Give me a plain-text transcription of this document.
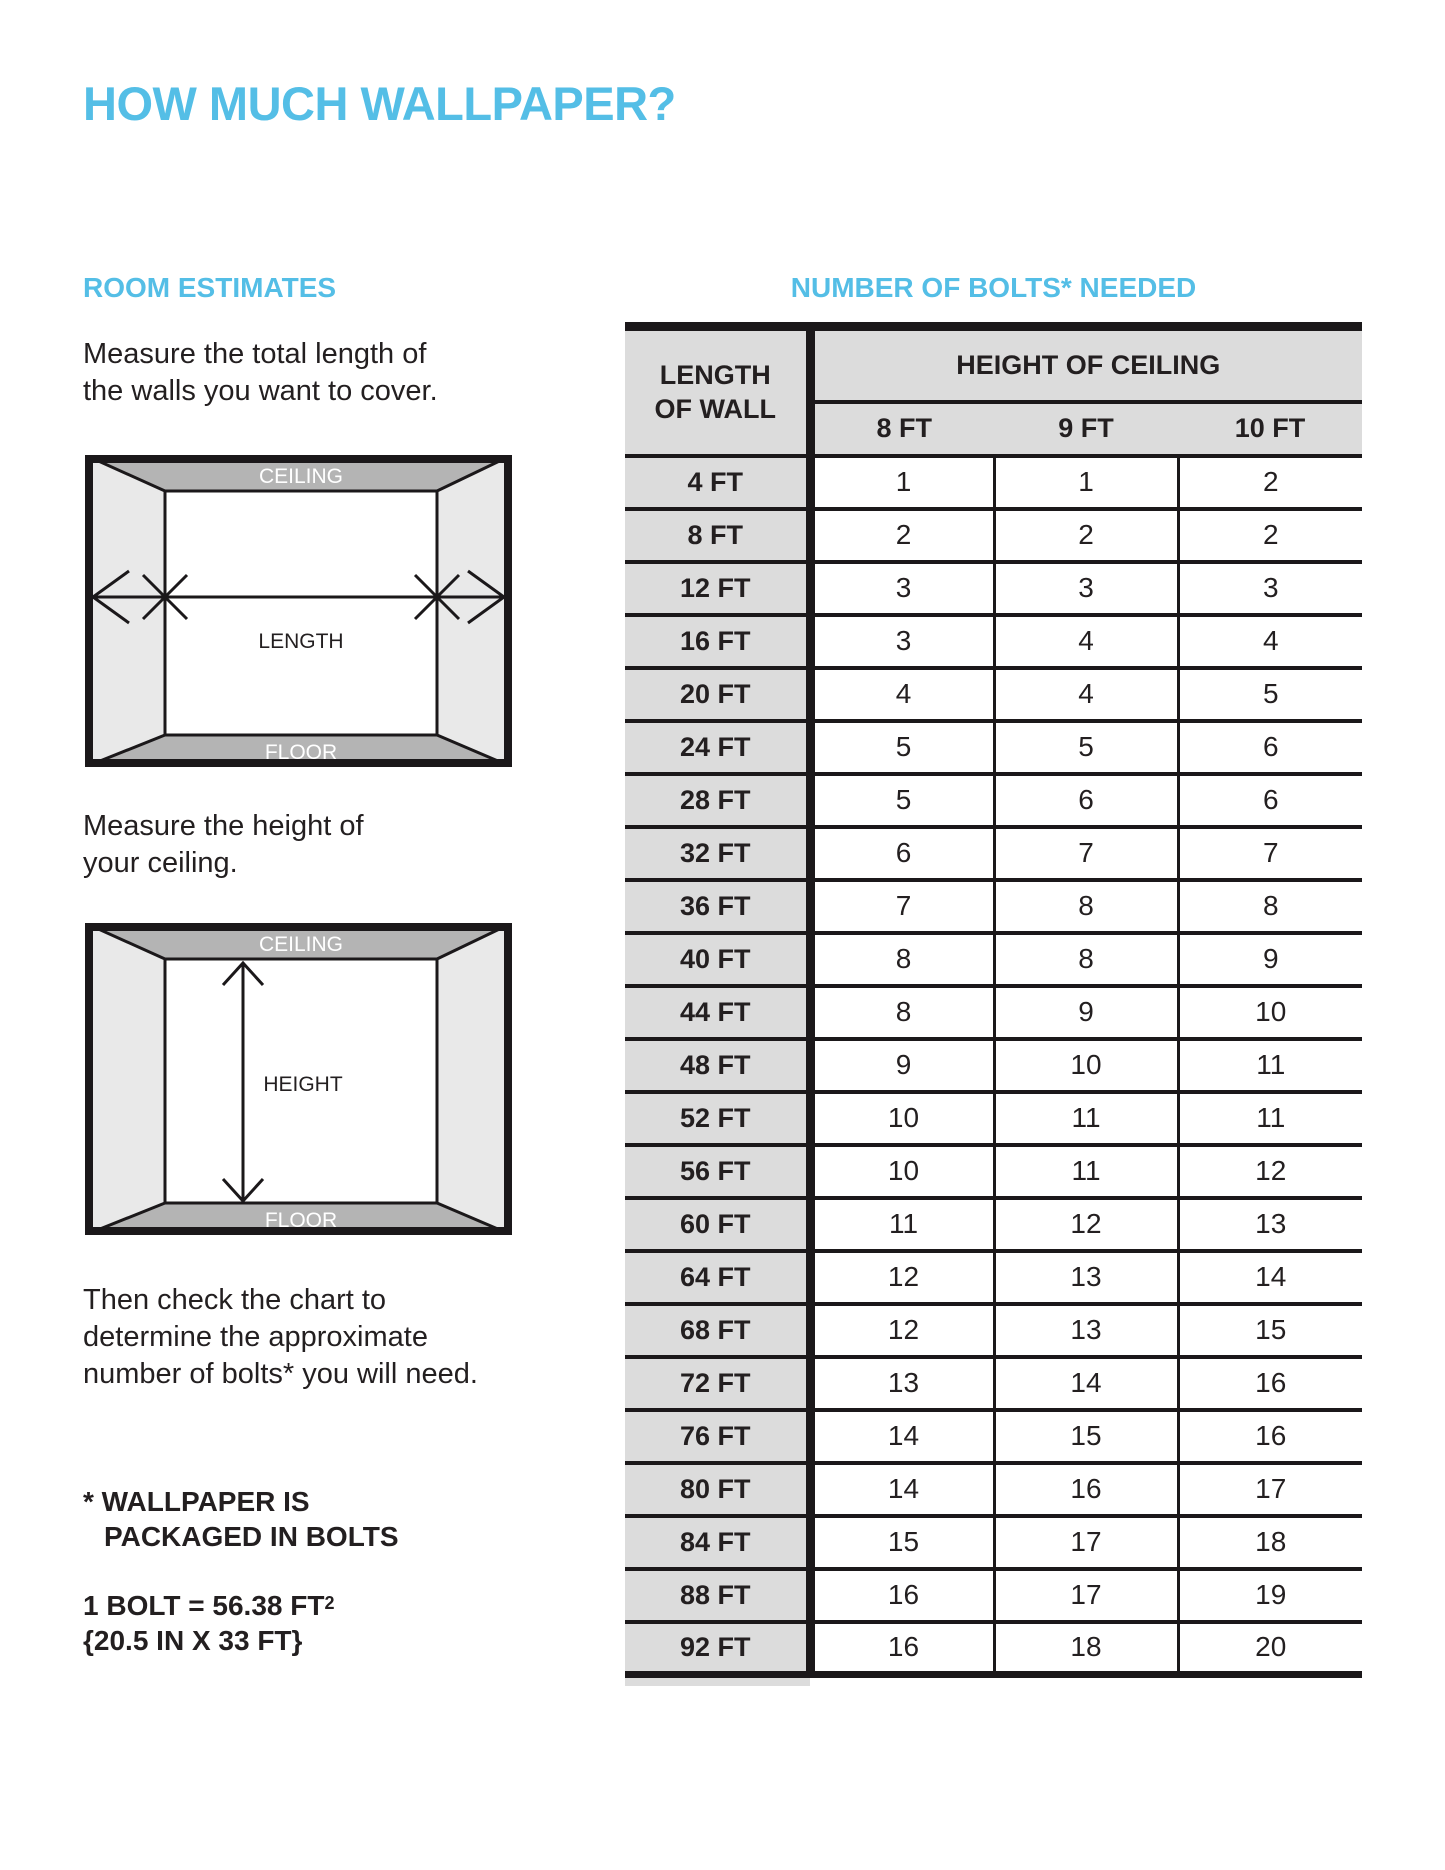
HOW MUCH WALLPAPER?
ROOM ESTIMATES

Measure the total length of
the walls you want to cover.

CEILING
FLOOR
LENGTH

Measure the height of
your ceiling.

CEILING
FLOOR
HEIGHT

Then check the chart to
determine the approximate
number of bolts* you will need.

* WALLPAPER IS
PACKAGED IN BOLTS
1 BOLT = 56.38 $FT^2$
{20.5 IN X 33 FT}
NUMBER OF BOLTS* NEEDED
LENGTH OF WALL	HEIGHT OF CEILING		
	8 FT	9 FT	10 FT
4 FT	1	1	2
8 FT	2	2	2
12 FT	3	3	3
16 FT	3	4	4
20 FT	4	4	5
24 FT	5	5	6
28 FT	5	6	6
32 FT	6	7	7
36 FT	7	8	8
40 FT	8	8	9
44 FT	8	9	10
48 FT	9	10	11
52 FT	10	11	11
56 FT	10	11	12
60 FT	11	12	13
64 FT	12	13	14
68 FT	12	13	15
72 FT	13	14	16
76 FT	14	15	16
80 FT	14	16	17
84 FT	15	17	18
88 FT	16	17	19
92 FT	16	18	20
